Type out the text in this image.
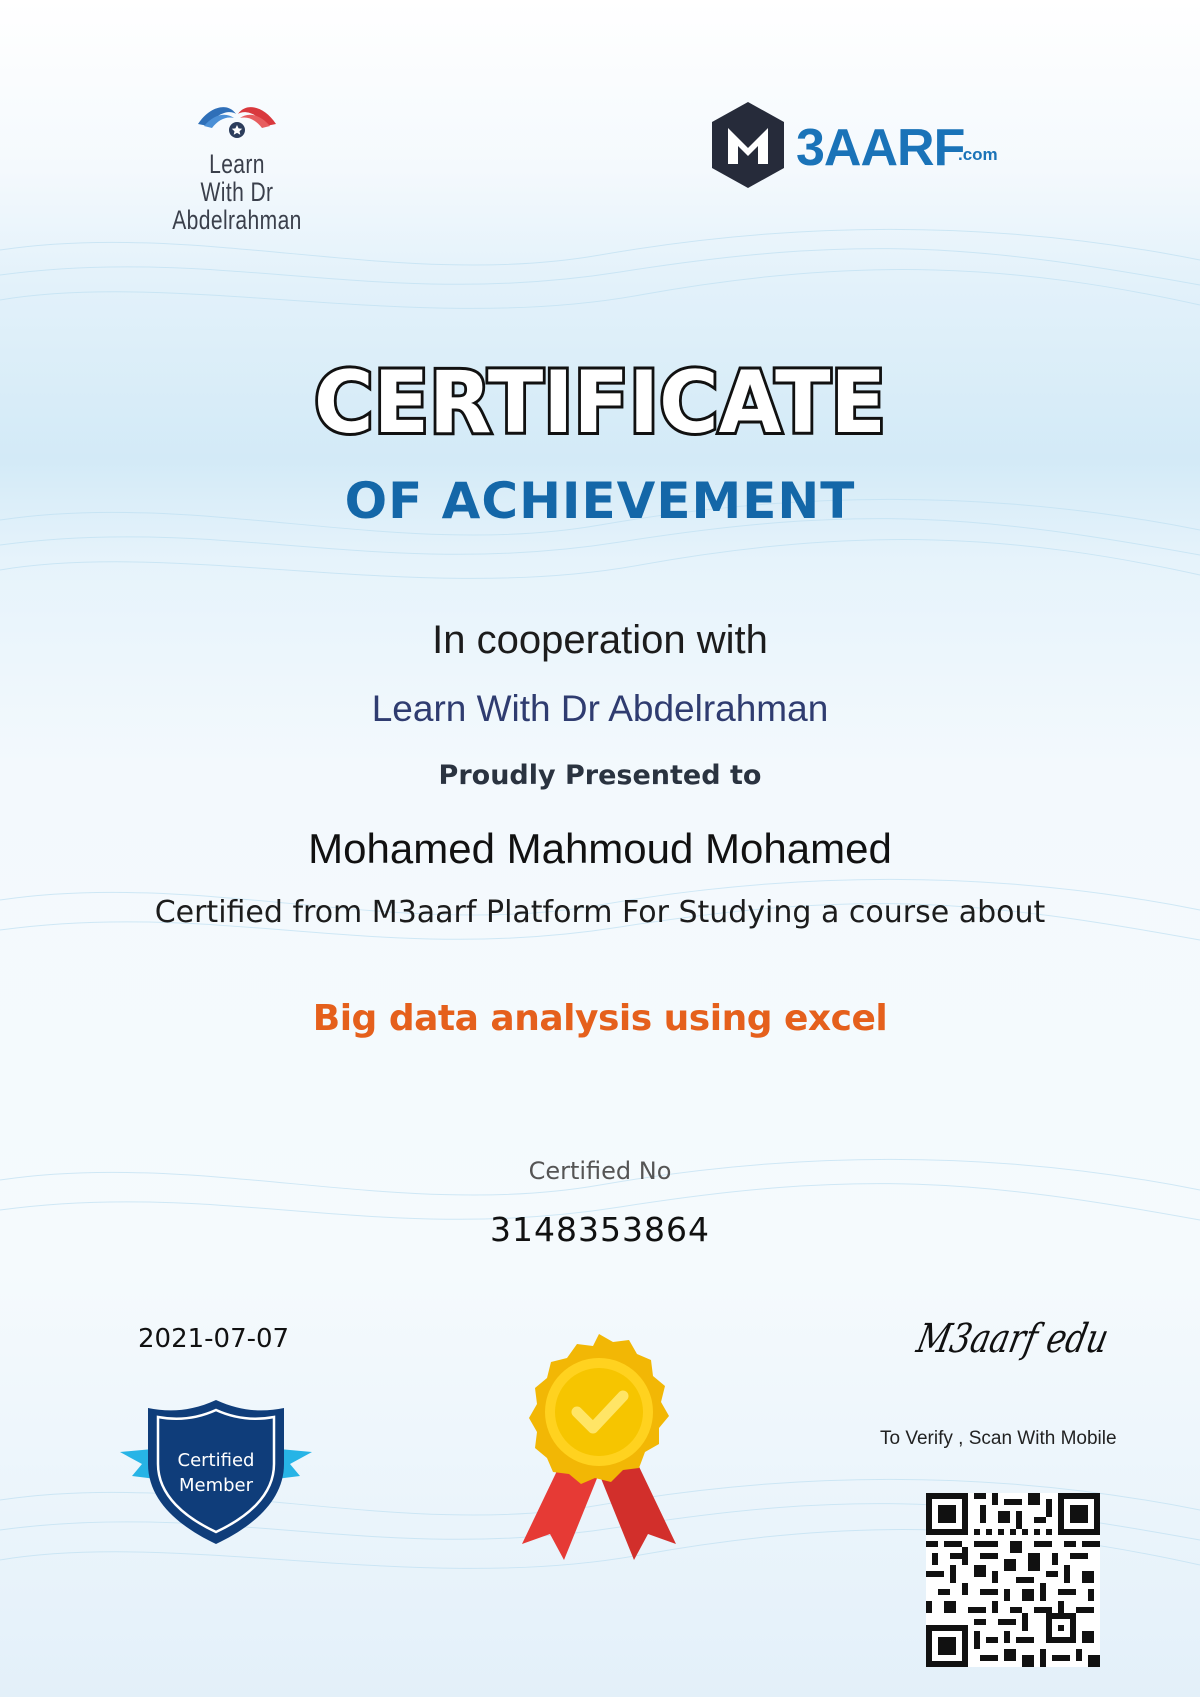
Learn
With Dr Abdelrahman
3AARF
.com
CERTIFICATE
OF ACHIEVEMENT
In cooperation with
Learn With Dr Abdelrahman
Proudly Presented to
Mohamed Mahmoud Mohamed
Certified from M3aarf Platform For Studying a course about
Big data analysis using excel
Certified No
3148353864
2021-07-07
Certified
Member
M3aarf edu
To Verify , Scan With Mobile
